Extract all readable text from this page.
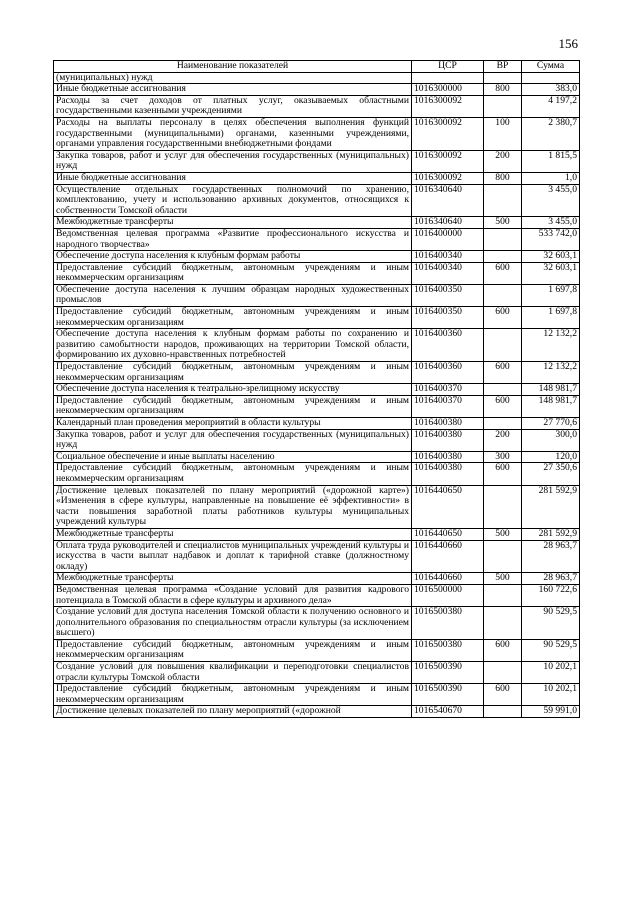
156
Наименование показателей	ЦСР	ВР	Сумма
(муниципальных) нужд			
Иные бюджетные ассигнования	1016300000	800	383,0
Расходы за счет доходов от платных услуг, оказываемых областными государственными казенными учреждениями	1016300092		4 197,2
Расходы на выплаты персоналу в целях обеспечения выполнения функций государственными (муниципальными) органами, казенными учреждениями, органами управления государственными внебюджетными фондами	1016300092	100	2 380,7
Закупка товаров, работ и услуг для обеспечения государственных (муниципальных) нужд	1016300092	200	1 815,5
Иные бюджетные ассигнования	1016300092	800	1,0
Осуществление отдельных государственных полномочий по хранению, комплектованию, учету и использованию архивных документов, относящихся к собственности Томской области	1016340640		3 455,0
Межбюджетные трансферты	1016340640	500	3 455,0
Ведомственная целевая программа «Развитие профессионального искусства и народного творчества»	1016400000		533 742,0
Обеспечение доступа населения к клубным формам работы	1016400340		32 603,1
Предоставление субсидий бюджетным, автономным учреждениям и иным некоммерческим организациям	1016400340	600	32 603,1
Обеспечение доступа населения к лучшим образцам народных художественных промыслов	1016400350		1 697,8
Предоставление субсидий бюджетным, автономным учреждениям и иным некоммерческим организациям	1016400350	600	1 697,8
Обеспечение доступа населения к клубным формам работы по сохранению и развитию самобытности народов, проживающих на территории Томской области, формированию их духовно-нравственных потребностей	1016400360		12 132,2
Предоставление субсидий бюджетным, автономным учреждениям и иным некоммерческим организациям	1016400360	600	12 132,2
Обеспечение доступа населения к театрально-зрелищному искусству	1016400370		148 981,7
Предоставление субсидий бюджетным, автономным учреждениям и иным некоммерческим организациям	1016400370	600	148 981,7
Календарный план проведения мероприятий в области культуры	1016400380		27 770,6
Закупка товаров, работ и услуг для обеспечения государственных (муниципальных) нужд	1016400380	200	300,0
Социальное обеспечение и иные выплаты населению	1016400380	300	120,0
Предоставление субсидий бюджетным, автономным учреждениям и иным некоммерческим организациям	1016400380	600	27 350,6
Достижение целевых показателей по плану мероприятий («дорожной карте») «Изменения в сфере культуры, направленные на повышение её эффективности» в части повышения заработной платы работников культуры муниципальных учреждений культуры	1016440650		281 592,9
Межбюджетные трансферты	1016440650	500	281 592,9
Оплата труда руководителей и специалистов муниципальных учреждений культуры и искусства в части выплат надбавок и доплат к тарифной ставке (должностному окладу)	1016440660		28 963,7
Межбюджетные трансферты	1016440660	500	28 963,7
Ведомственная целевая программа «Создание условий для развития кадрового потенциала в Томской области в сфере культуры и архивного дела»	1016500000		160 722,6
Создание условий для доступа населения Томской области к получению основного и дополнительного образования по специальностям отрасли культуры (за исключением высшего)	1016500380		90 529,5
Предоставление субсидий бюджетным, автономным учреждениям и иным некоммерческим организациям	1016500380	600	90 529,5
Создание условий для повышения квалификации и переподготовки специалистов отрасли культуры Томской области	1016500390		10 202,1
Предоставление субсидий бюджетным, автономным учреждениям и иным некоммерческим организациям	1016500390	600	10 202,1
Достижение целевых показателей по плану мероприятий («дорожной	1016540670		59 991,0
